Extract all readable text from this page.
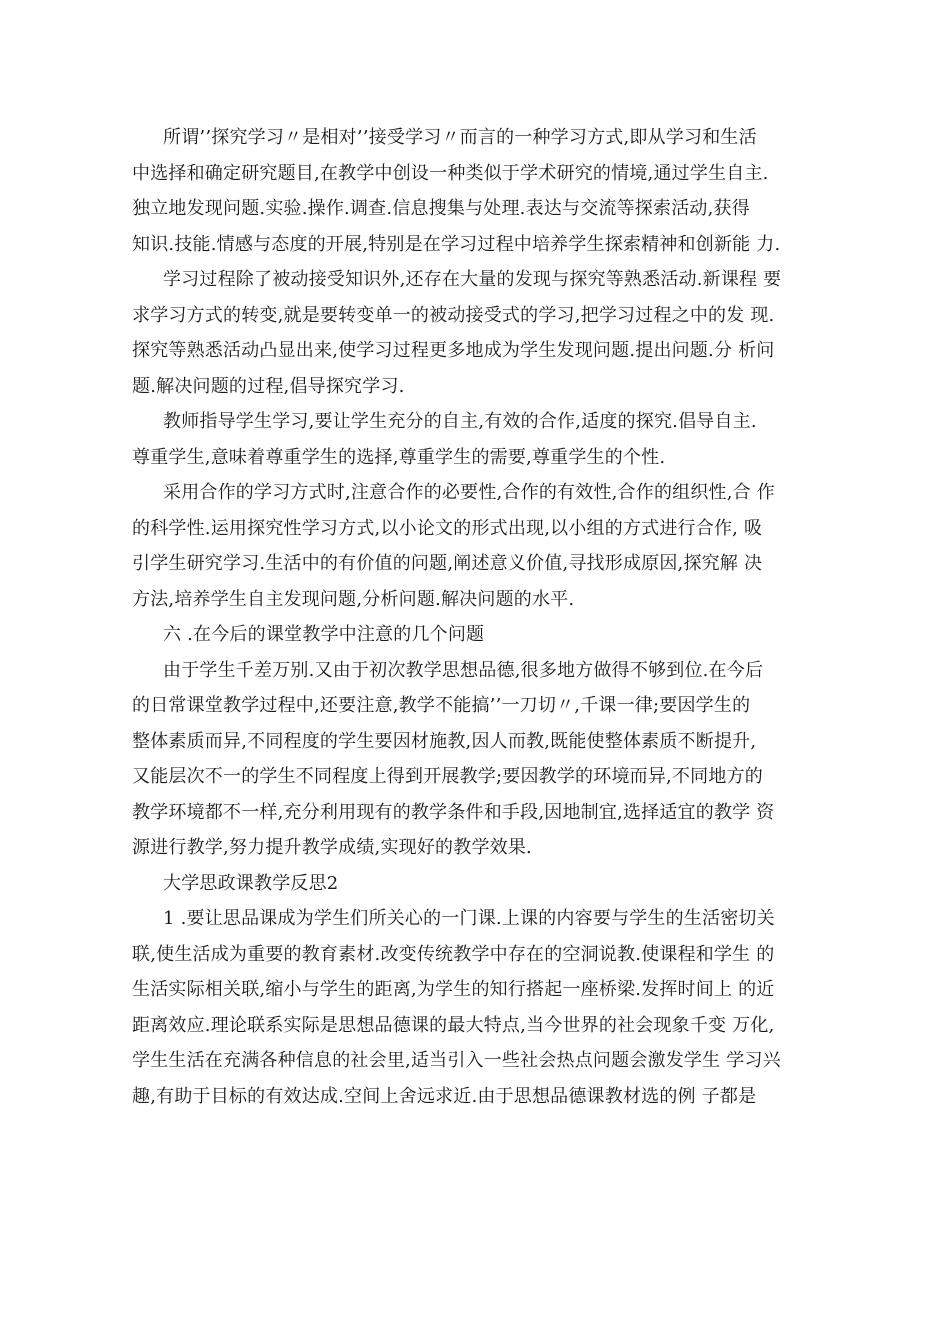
所谓’’探究学习〃是相对’’接受学习〃而言的一种学习方式,即从学习和生活
中选择和确定研究题目,在教学中创设一种类似于学术研究的情境,通过学生自主.
独立地发现问题.实验.操作.调查.信息搜集与处理.表达与交流等探索活动,获得
知识.技能.情感与态度的开展,特别是在学习过程中培养学生探索精神和创新能 力.
学习过程除了被动接受知识外,还存在大量的发现与探究等熟悉活动.新课程 要
求学习方式的转变,就是要转变单一的被动接受式的学习,把学习过程之中的发 现.
探究等熟悉活动凸显出来,使学习过程更多地成为学生发现问题.提出问题.分 析问
题.解决问题的过程,倡导探究学习.
教师指导学生学习,要让学生充分的自主,有效的合作,适度的探究.倡导自主.
尊重学生,意味着尊重学生的选择,尊重学生的需要,尊重学生的个性.
采用合作的学习方式时,注意合作的必要性,合作的有效性,合作的组织性,合 作
的科学性.运用探究性学习方式,以小论文的形式出现,以小组的方式进行合作, 吸
引学生研究学习.生活中的有价值的问题,阐述意义价值,寻找形成原因,探究解 决
方法,培养学生自主发现问题,分析问题.解决问题的水平.
六 .在今后的课堂教学中注意的几个问题
由于学生千差万别.又由于初次教学思想品德,很多地方做得不够到位.在今后
的日常课堂教学过程中,还要注意,教学不能搞’’一刀切〃,千课一律;要因学生的
整体素质而异,不同程度的学生要因材施教,因人而教,既能使整体素质不断提升,
又能层次不一的学生不同程度上得到开展教学;要因教学的环境而异,不同地方的
教学环境都不一样,充分利用现有的教学条件和手段,因地制宜,选择适宜的教学 资
源进行教学,努力提升教学成绩,实现好的教学效果.
大学思政课教学反思2
1 .要让思品课成为学生们所关心的一门课.上课的内容要与学生的生活密切关
联,使生活成为重要的教育素材.改变传统教学中存在的空洞说教.使课程和学生 的
生活实际相关联,缩小与学生的距离,为学生的知行搭起一座桥梁.发挥时间上 的近
距离效应.理论联系实际是思想品德课的最大特点,当今世界的社会现象千变 万化,
学生生活在充满各种信息的社会里,适当引入一些社会热点问题会激发学生 学习兴
趣,有助于目标的有效达成.空间上舍远求近.由于思想品德课教材选的例 子都是
